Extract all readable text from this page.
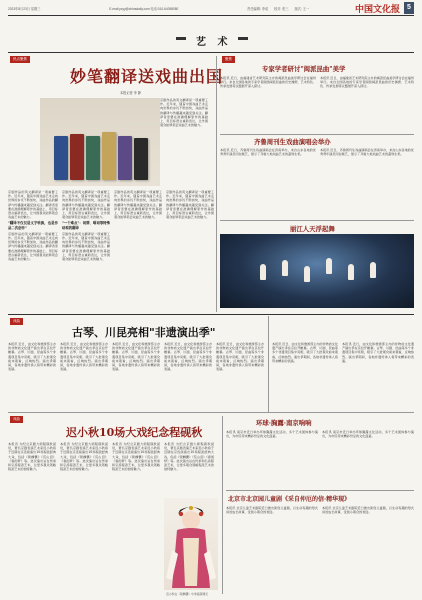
2023年8月23日 星期三	E-mail:ycyy@chinadaily.com 电话:010-64098080	责任编辑: 李成 校对: 张三 版式: 王一	中国文化报	5
艺 术
热点聚焦
妙笔翻译送戏曲出国
本报记者 李 静
京剧作品的英文翻译是一项重要工作。近年来，随着中国戏曲艺术走向世界的步伐不断加快，戏曲作品的翻译与传播越来越受到关注。翻译者需要在准确理解原作的基础上，用目标语言重新表达，让外国观众能够领会戏曲艺术的魅力。
京剧作品的英文翻译是一项重要工作。近年来，随着中国戏曲艺术走向世界的步伐不断加快，戏曲作品的翻译与传播越来越受到关注。翻译者需要在准确理解原作的基础上，用目标语言重新表达，让外国观众能够领会戏曲艺术的魅力。
"翻译不仅仅是文字转换，也是作品二次创作"
京剧作品的英文翻译是一项重要工作。近年来，随着中国戏曲艺术走向世界的步伐不断加快，戏曲作品的翻译与传播越来越受到关注。翻译者需要在准确理解原作的基础上，用目标语言重新表达，让外国观众能够领会戏曲艺术的魅力。
京剧作品的英文翻译是一项重要工作。近年来，随着中国戏曲艺术走向世界的步伐不断加快，戏曲作品的翻译与传播越来越受到关注。翻译者需要在准确理解原作的基础上，用目标语言重新表达，让外国观众能够领会戏曲艺术的魅力。
"一个难点"：词牌、唱词等特殊结构的翻译
京剧作品的英文翻译是一项重要工作。近年来，随着中国戏曲艺术走向世界的步伐不断加快，戏曲作品的翻译与传播越来越受到关注。翻译者需要在准确理解原作的基础上，用目标语言重新表达，让外国观众能够领会戏曲艺术的魅力。
京剧作品的英文翻译是一项重要工作。近年来，随着中国戏曲艺术走向世界的步伐不断加快，戏曲作品的翻译与传播越来越受到关注。翻译者需要在准确理解原作的基础上，用目标语言重新表达，让外国观众能够领会戏曲艺术的魅力。
京剧作品的英文翻译是一项重要工作。近年来，随着中国戏曲艺术走向世界的步伐不断加快，戏曲作品的翻译与传播越来越受到关注。翻译者需要在准确理解原作的基础上，用目标语言重新表达，让外国观众能够领会戏曲艺术的魅力。
聚焦
专家学者研讨"闽派昆曲"美学
本报讯 近日，由福建省艺术研究院主办的闽派昆曲美学研讨会在福州举行。来自全国各地的专家学者围绕闽派昆曲的历史渊源、艺术特色、传承发展等议题展开深入探讨。
本报讯 近日，由福建省艺术研究院主办的闽派昆曲美学研讨会在福州举行。来自全国各地的专家学者围绕闽派昆曲的历史渊源、艺术特色、传承发展等议题展开深入探讨。
齐鲁周刊生戏曲演唱会举办
本报讯 近日，齐鲁周刊生戏曲演唱会在济南举办，来自山东各地的优秀青年演员同台献艺，展示了齐鲁大地戏曲艺术的蓬勃生机。
本报讯 近日，齐鲁周刊生戏曲演唱会在济南举办，来自山东各地的优秀青年演员同台献艺，展示了齐鲁大地戏曲艺术的蓬勃生机。
丽江人天浮起舞
戏曲
古琴、川昆亮相"非遗演出季"
本报讯 近日，由文化和旅游部主办的非物质文化遗产演出季在京拉开帷幕。古琴、川剧、昆曲等多个非遗项目集中亮相，吸引了大批观众前来观看，反响热烈。演出季期间，各地非遗传承人将带来精彩的表演。
本报讯 近日，由文化和旅游部主办的非物质文化遗产演出季在京拉开帷幕。古琴、川剧、昆曲等多个非遗项目集中亮相，吸引了大批观众前来观看，反响热烈。演出季期间，各地非遗传承人将带来精彩的表演。
本报讯 近日，由文化和旅游部主办的非物质文化遗产演出季在京拉开帷幕。古琴、川剧、昆曲等多个非遗项目集中亮相，吸引了大批观众前来观看，反响热烈。演出季期间，各地非遗传承人将带来精彩的表演。
本报讯 近日，由文化和旅游部主办的非物质文化遗产演出季在京拉开帷幕。古琴、川剧、昆曲等多个非遗项目集中亮相，吸引了大批观众前来观看，反响热烈。演出季期间，各地非遗传承人将带来精彩的表演。
本报讯 近日，由文化和旅游部主办的非物质文化遗产演出季在京拉开帷幕。古琴、川剧、昆曲等多个非遗项目集中亮相，吸引了大批观众前来观看，反响热烈。演出季期间，各地非遗传承人将带来精彩的表演。
本报讯 近日，由文化和旅游部主办的非物质文化遗产演出季在京拉开帷幕。古琴、川剧、昆曲等多个非遗项目集中亮相，吸引了大批观众前来观看，反响热烈。演出季期间，各地非遗传承人将带来精彩的表演。
本报讯 近日，由文化和旅游部主办的非物质文化遗产演出季在京拉开帷幕。古琴、川剧、昆曲等多个非遗项目集中亮相，吸引了大批观众前来观看，反响热烈。演出季期间，各地非遗传承人将带来精彩的表演。
戏曲
迟小秋10场大戏纪念程砚秋
本报讯 为纪念京剧大师程砚秋诞辰，著名京剧表演艺术家迟小秋将于近期在京连续演出10场程派经典大戏，包括《锁麟囊》《荒山泪》《春闺梦》等。此次演出旨在传承和弘扬程派艺术，让更多观众领略程派艺术的独特魅力。
本报讯 为纪念京剧大师程砚秋诞辰，著名京剧表演艺术家迟小秋将于近期在京连续演出10场程派经典大戏，包括《锁麟囊》《荒山泪》《春闺梦》等。此次演出旨在传承和弘扬程派艺术，让更多观众领略程派艺术的独特魅力。
本报讯 为纪念京剧大师程砚秋诞辰，著名京剧表演艺术家迟小秋将于近期在京连续演出10场程派经典大戏，包括《锁麟囊》《荒山泪》《春闺梦》等。此次演出旨在传承和弘扬程派艺术，让更多观众领略程派艺术的独特魅力。
本报讯 为纪念京剧大师程砚秋诞辰，著名京剧表演艺术家迟小秋将于近期在京连续演出10场程派经典大戏，包括《锁麟囊》《荒山泪》《春闺梦》等。此次演出旨在传承和弘扬程派艺术，让更多观众领略程派艺术的独特魅力。
迟小秋在《锁麟囊》中饰演薛湘灵
环球·胸露·南京响响
本报讯 南京市近日举办环球胸露文化活动，多个艺术团体参与演出，为市民带来精彩纷呈的文化盛宴。
本报讯 南京市近日举办环球胸露文化活动，多个艺术团体参与演出，为市民带来精彩纷呈的文化盛宴。
北京市北京园儿童剧《采自仲厄的信·精华现》
本报讯 北京儿童艺术剧院近日推出新创儿童剧，以生动有趣的形式讲述成长故事，受到小观众的欢迎。
本报讯 北京儿童艺术剧院近日推出新创儿童剧，以生动有趣的形式讲述成长故事，受到小观众的欢迎。
